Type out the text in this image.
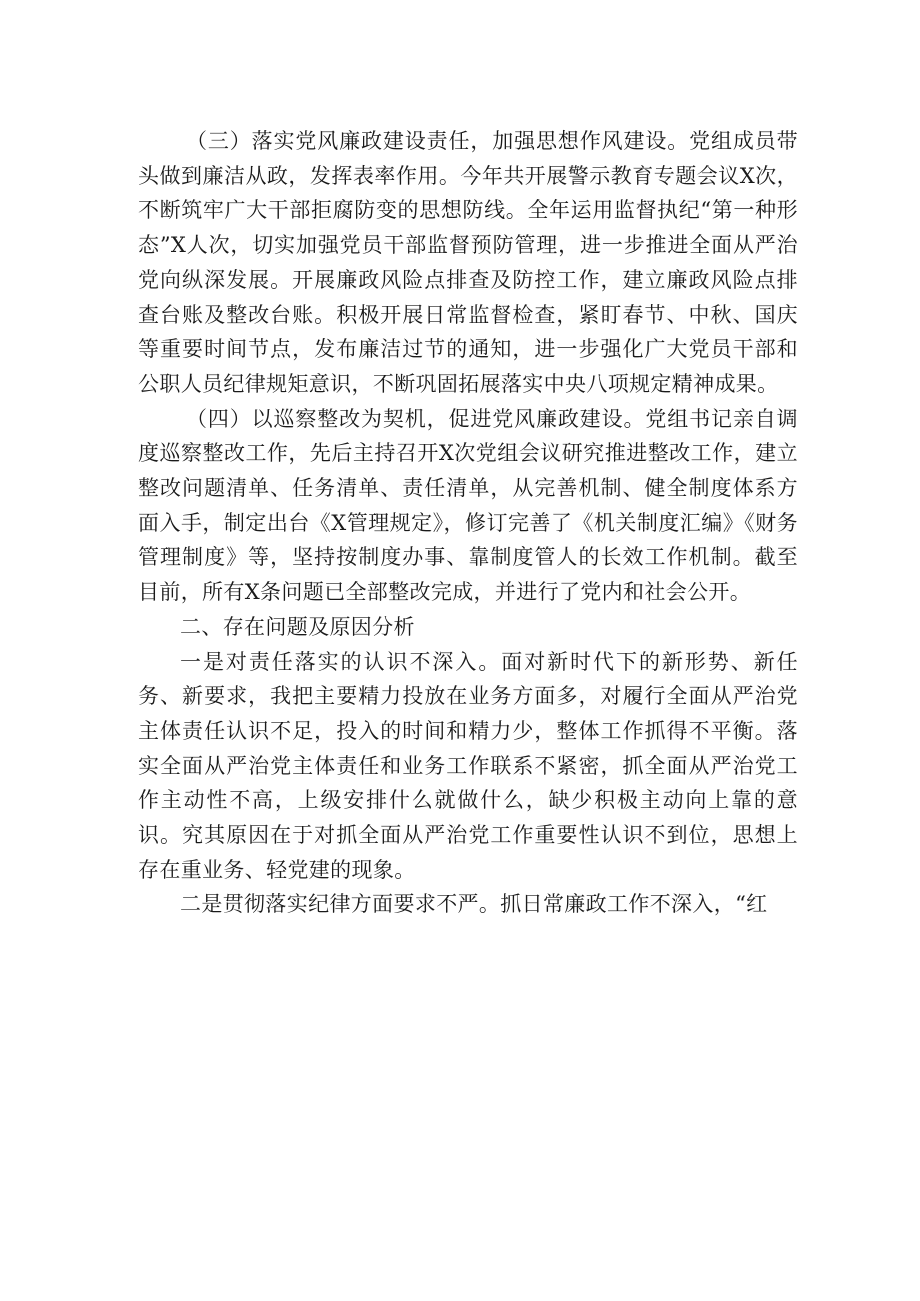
（三）落实党风廉政建设责任，加强思想作风建设。党组成员带头做到廉洁从政，发挥表率作用。今年共开展警示教育专题会议X次，不断筑牢广大干部拒腐防变的思想防线。全年运用监督执纪“第一种形态”X人次，切实加强党员干部监督预防管理，进一步推进全面从严治党向纵深发展。开展廉政风险点排查及防控工作，建立廉政风险点排查台账及整改台账。积极开展日常监督检查，紧盯春节、中秋、国庆等重要时间节点，发布廉洁过节的通知，进一步强化广大党员干部和公职人员纪律规矩意识，不断巩固拓展落实中央八项规定精神成果。

（四）以巡察整改为契机，促进党风廉政建设。党组书记亲自调度巡察整改工作，先后主持召开X次党组会议研究推进整改工作，建立整改问题清单、任务清单、责任清单，从完善机制、健全制度体系方面入手，制定出台《X管理规定》，修订完善了《机关制度汇编》《财务管理制度》等，坚持按制度办事、靠制度管人的长效工作机制。截至目前，所有X条问题已全部整改完成，并进行了党内和社会公开。

二、存在问题及原因分析

一是对责任落实的认识不深入。面对新时代下的新形势、新任务、新要求，我把主要精力投放在业务方面多，对履行全面从严治党主体责任认识不足，投入的时间和精力少，整体工作抓得不平衡。落实全面从严治党主体责任和业务工作联系不紧密，抓全面从严治党工作主动性不高，上级安排什么就做什么，缺少积极主动向上靠的意识。究其原因在于对抓全面从严治党工作重要性认识不到位，思想上存在重业务、轻党建的现象。

二是贯彻落实纪律方面要求不严。抓日常廉政工作不深入，“红
